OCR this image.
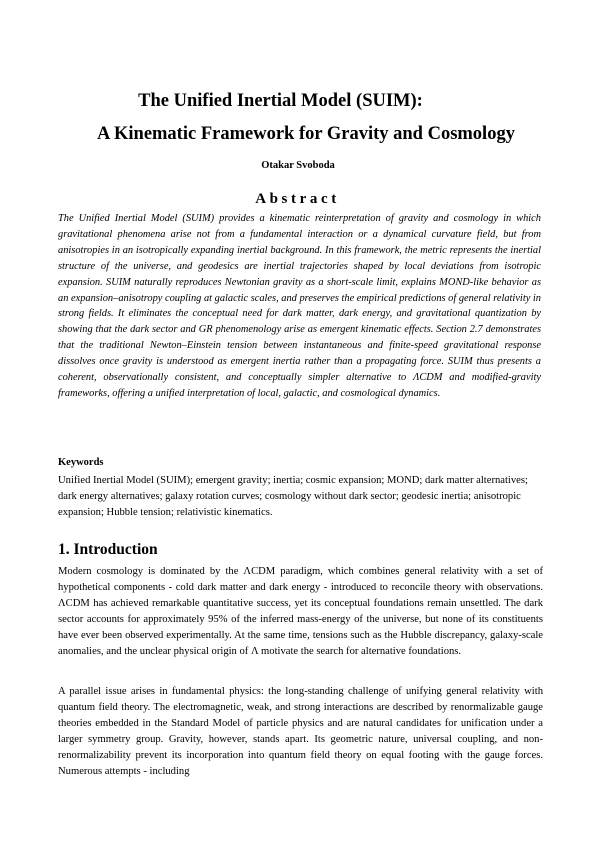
The Unified Inertial Model (SUIM):
A Kinematic Framework for Gravity and Cosmology
Otakar Svoboda
Abstract

The Unified Inertial Model (SUIM) provides a kinematic reinterpretation of gravity and cosmology in which gravitational phenomena arise not from a fundamental interaction or a dynamical curvature field, but from anisotropies in an isotropically expanding inertial background. In this framework, the metric represents the inertial structure of the universe, and geodesics are inertial trajectories shaped by local deviations from isotropic expansion. SUIM naturally reproduces Newtonian gravity as a short-scale limit, explains MOND-like behavior as an expansion–anisotropy coupling at galactic scales, and preserves the empirical predictions of general relativity in strong fields. It eliminates the conceptual need for dark matter, dark energy, and gravitational quantization by showing that the dark sector and GR phenomenology arise as emergent kinematic effects. Section 2.7 demonstrates that the traditional Newton–Einstein tension between instantaneous and finite-speed gravitational response dissolves once gravity is understood as emergent inertia rather than a propagating force. SUIM thus presents a coherent, observationally consistent, and conceptually simpler alternative to ΛCDM and modified-gravity frameworks, offering a unified interpretation of local, galactic, and cosmological dynamics.

Keywords

Unified Inertial Model (SUIM); emergent gravity; inertia; cosmic expansion; MOND; dark matter alternatives; dark energy alternatives; galaxy rotation curves; cosmology without dark sector; geodesic inertia; anisotropic expansion; Hubble tension; relativistic kinematics.

1. Introduction

Modern cosmology is dominated by the ΛCDM paradigm, which combines general relativity with a set of hypothetical components - cold dark matter and dark energy - introduced to reconcile theory with observations. ΛCDM has achieved remarkable quantitative success, yet its conceptual foundations remain unsettled. The dark sector accounts for approximately 95% of the inferred mass-energy of the universe, but none of its constituents have ever been observed experimentally. At the same time, tensions such as the Hubble discrepancy, galaxy-scale anomalies, and the unclear physical origin of Λ motivate the search for alternative foundations.

A parallel issue arises in fundamental physics: the long-standing challenge of unifying general relativity with quantum field theory. The electromagnetic, weak, and strong interactions are described by renormalizable gauge theories embedded in the Standard Model of particle physics and are natural candidates for unification under a larger symmetry group. Gravity, however, stands apart. Its geometric nature, universal coupling, and non-renormalizability prevent its incorporation into quantum field theory on equal footing with the gauge forces. Numerous attempts - including
